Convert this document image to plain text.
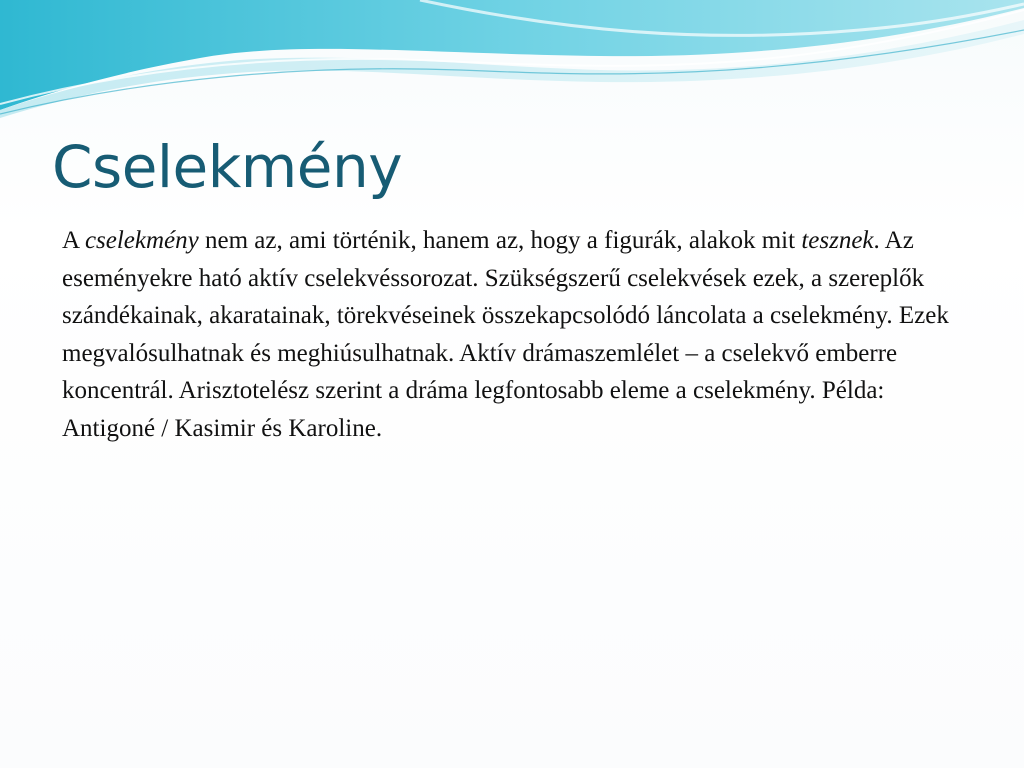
Cselekmény

A cselekmény nem az, ami történik, hanem az, hogy a figurák, alakok mit tesznek. Az eseményekre ható aktív cselekvéssorozat. Szükségszerű cselekvések ezek, a szereplők szándékainak, akaratainak, törekvéseinek összekapcsolódó láncolata a cselekmény. Ezek megvalósulhatnak és meghiúsulhatnak. Aktív drámaszemlélet – a cselekvő emberre koncentrál. Arisztotelész szerint a dráma legfontosabb eleme a cselekmény. Példa: Antigoné / Kasimir és Karoline.
